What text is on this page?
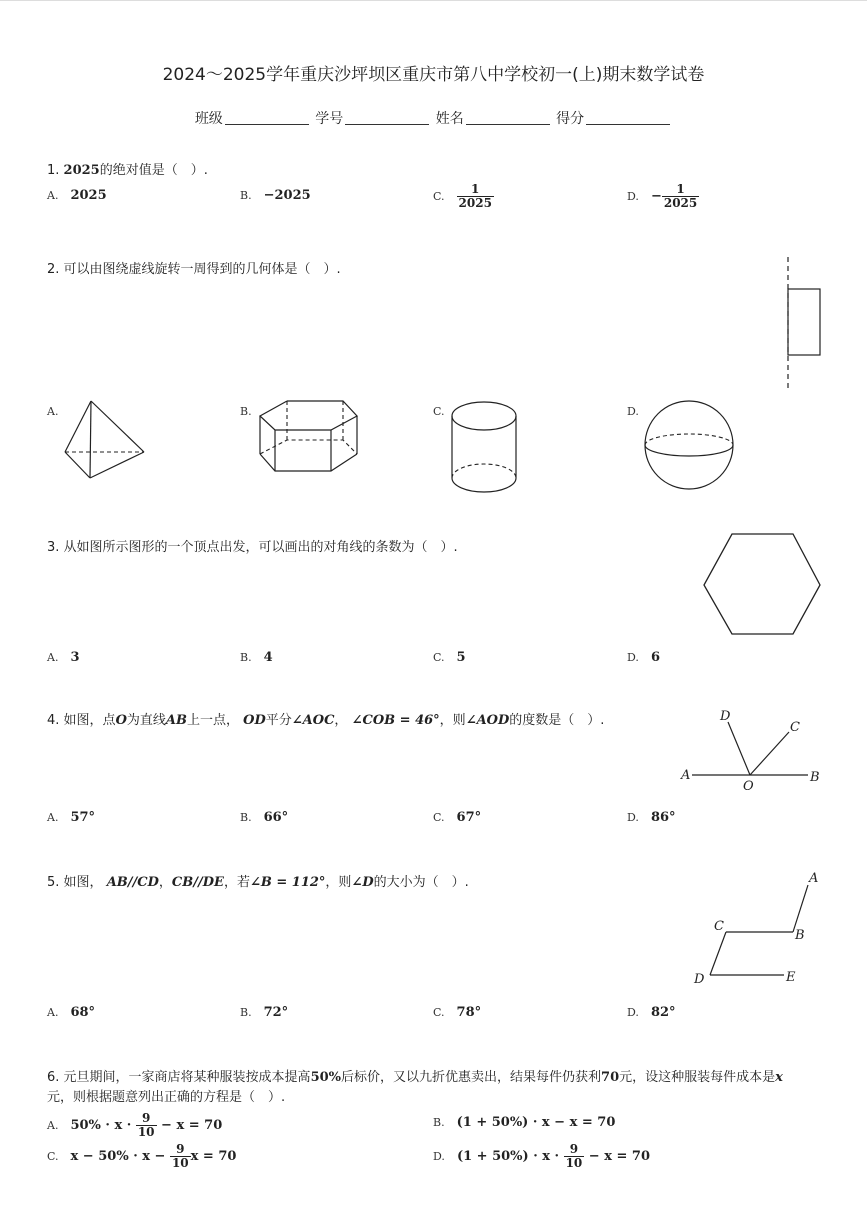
2024～2025学年重庆沙坪坝区重庆市第八中学校初一(上)期末数学试卷
班级	学号	姓名	得分
1. 2025的绝对值是（　）.
A. 2025	B. −2025	C. $\frac{1}{2025}$	D. − $\frac{1}{2025}$
2. 可以由图绕虚线旋转一周得到的几何体是（　）.
A.	B.	C.	D.
3. 从如图所示图形的一个顶点出发，可以画出的对角线的条数为（　）.
A. 3	B. 4	C. 5	D. 6
4. 如图，点O为直线AB上一点， OD平分∠AOC， ∠COB = 46°，则∠AOD的度数是（　）.	D
C
A	B
O
A. 57°	B. 66°	C. 67°	D. 86°
5. 如图， AB//CD，CB//DE，若∠B = 112°，则∠D的大小为（　）.	A
B
C
D	E
A. 68°	B. 72°	C. 78°	D. 82°
6. 元旦期间，一家商店将某种服装按成本提高50%后标价，又以九折优惠卖出，结果每件仍获利70元，设这种服装每件成本是x
元，则根据题意列出正确的方程是（　）.
A. $50\% \cdot x \cdot \frac{9}{10} - x = 70$	B. (1 + 50%) · x − x = 70
C. $x - 50\% \cdot x - \frac{9}{10}$ x = 70	D. $(1 + 50\%) \cdot x \cdot \frac{9}{10} - x = 70$
